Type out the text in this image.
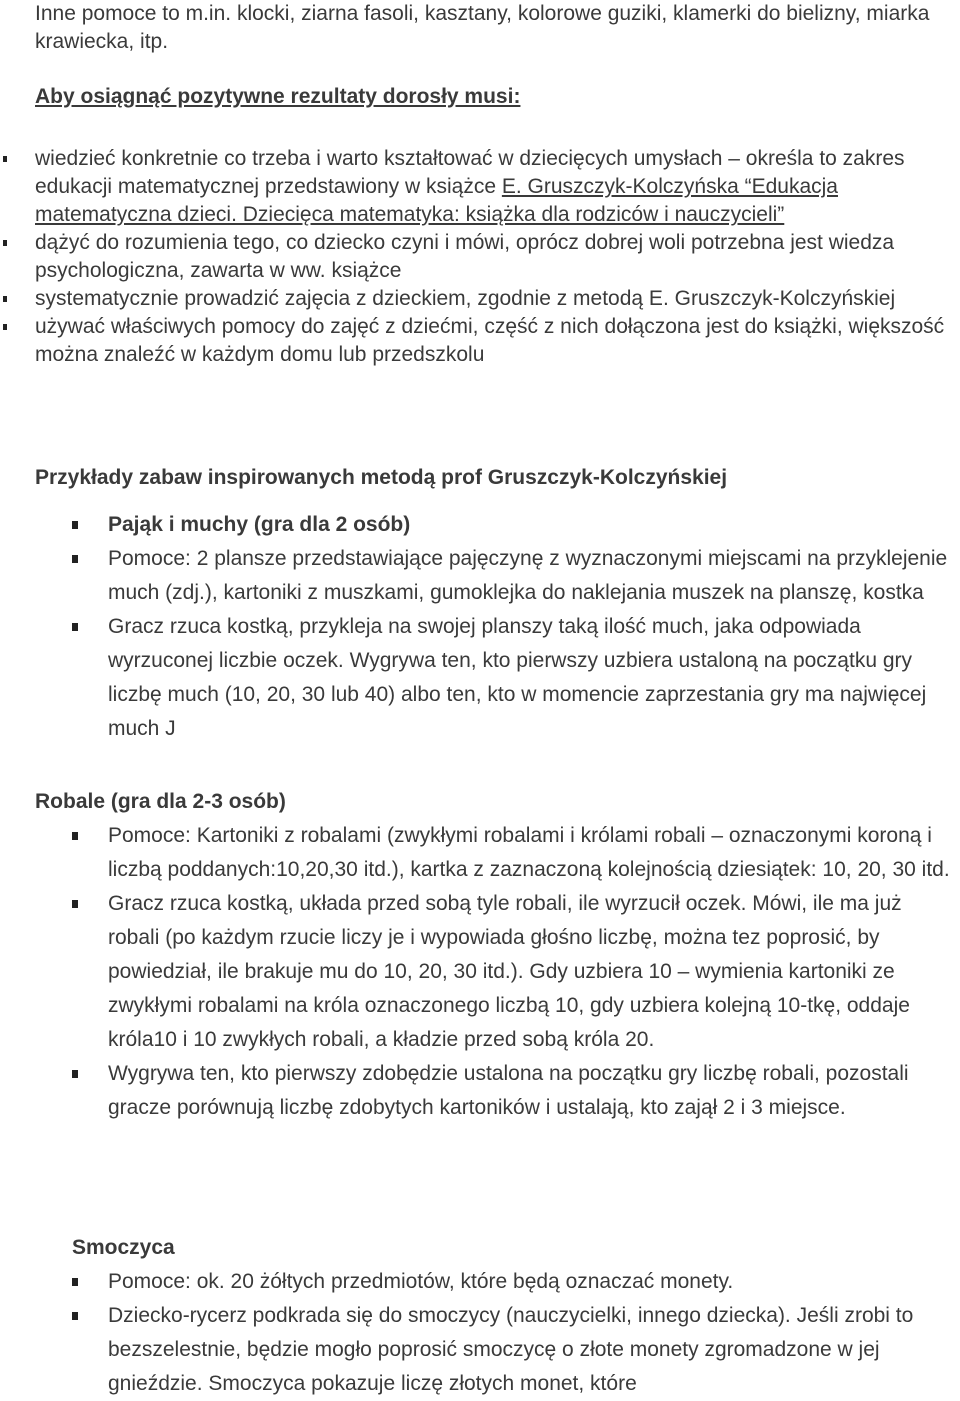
Inne pomoce to m.in. klocki, ziarna fasoli, kasztany, kolorowe guziki, klamerki do bielizny, miarka krawiecka, itp.

Aby osiągnąć pozytywne rezultaty dorosły musi:

wiedzieć konkretnie co trzeba i warto kształtować w dziecięcych umysłach – określa to zakres edukacji matematycznej przedstawiony w książce E. Gruszczyk-Kolczyńska “Edukacja matematyczna dzieci. Dziecięca matematyka: książka dla rodziców i nauczycieli”
dążyć do rozumienia tego, co dziecko czyni i mówi, oprócz dobrej woli potrzebna jest wiedza psychologiczna, zawarta w ww. książce
systematycznie prowadzić zajęcia z dzieckiem, zgodnie z metodą E. Gruszczyk-Kolczyńskiej
używać właściwych pomocy do zajęć z dziećmi, część z nich dołączona jest do książki, większość można znaleźć w każdym domu lub przedszkolu

Przykłady zabaw inspirowanych metodą prof Gruszczyk-Kolczyńskiej

Pająk i muchy (gra dla 2 osób)
Pomoce: 2 plansze przedstawiające pajęczynę z wyznaczonymi miejscami na przyklejenie much (zdj.), kartoniki z muszkami, gumoklejka do naklejania muszek na planszę, kostka
Gracz rzuca kostką, przykleja na swojej planszy taką ilość much, jaka odpowiada wyrzuconej liczbie oczek. Wygrywa ten, kto pierwszy uzbiera ustaloną na początku gry liczbę much (10, 20, 30 lub 40) albo ten, kto w momencie zaprzestania gry ma najwięcej much J

Robale (gra dla 2-3 osób)

Pomoce: Kartoniki z robalami (zwykłymi robalami i królami robali – oznaczonymi koroną i liczbą poddanych:10,20,30 itd.), kartka z zaznaczoną kolejnością dziesiątek: 10, 20, 30 itd.
Gracz rzuca kostką, układa przed sobą tyle robali, ile wyrzucił oczek. Mówi, ile ma już robali (po każdym rzucie liczy je i wypowiada głośno liczbę, można tez poprosić, by powiedział, ile brakuje mu do 10, 20, 30 itd.). Gdy uzbiera 10 – wymienia kartoniki ze zwykłymi robalami na króla oznaczonego liczbą 10, gdy uzbiera kolejną 10-tkę, oddaje króla10 i 10 zwykłych robali, a kładzie przed sobą króla 20.
Wygrywa ten, kto pierwszy zdobędzie ustalona na początku gry liczbę robali, pozostali gracze porównują liczbę zdobytych kartoników i ustalają, kto zajął 2 i 3 miejsce.

Smoczyca

Pomoce: ok. 20 żółtych przedmiotów, które będą oznaczać monety.
Dziecko-rycerz podkrada się do smoczycy (nauczycielki, innego dziecka). Jeśli zrobi to bezszelestnie, będzie mogło poprosić smoczycę o złote monety zgromadzone w jej gnieździe. Smoczyca pokazuje liczę złotych monet, które
